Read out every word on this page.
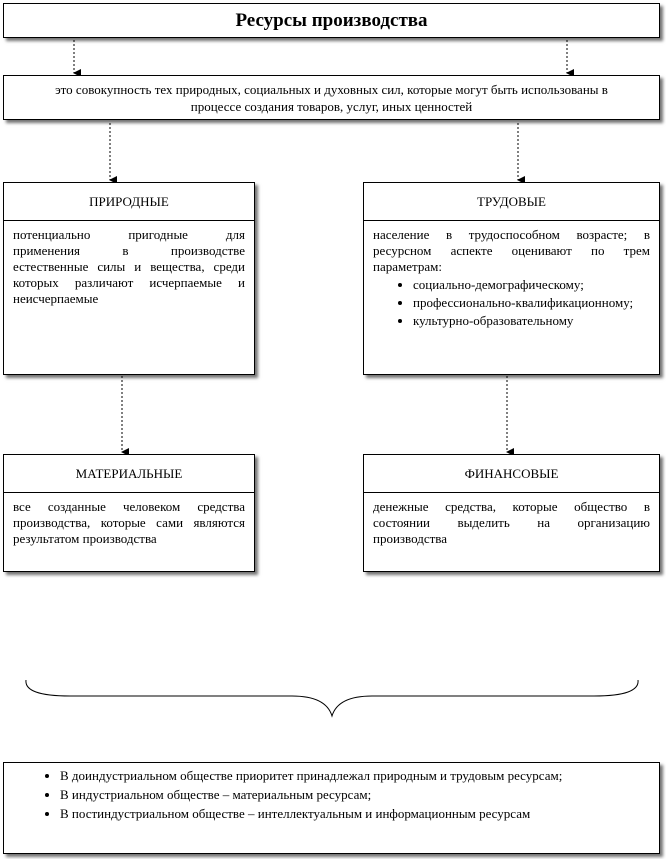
Ресурсы производства
это совокупность тех природных, социальных и духовных сил, которые могут быть использованы в процессе создания товаров, услуг, иных ценностей
ПРИРОДНЫЕ
потенциально пригодные для применения в производстве естественные силы и вещества, среди которых различают исчерпаемые и неисчерпаемые
ТРУДОВЫЕ
население в трудоспособном возрасте; в ресурсном аспекте оценивают по трем параметрам:
• социально-демографическому;
• профессионально-квалификационному;
• культурно-образовательному
МАТЕРИАЛЬНЫЕ
все созданные человеком средства производства, которые сами являются результатом производства
ФИНАНСОВЫЕ
денежные средства, которые общество в состоянии выделить на организацию производства
• В доиндустриальном обществе приоритет принадлежал природным и трудовым ресурсам;
• В индустриальном обществе – материальным ресурсам;
• В постиндустриальном обществе – интеллектуальным и информационным ресурсам
